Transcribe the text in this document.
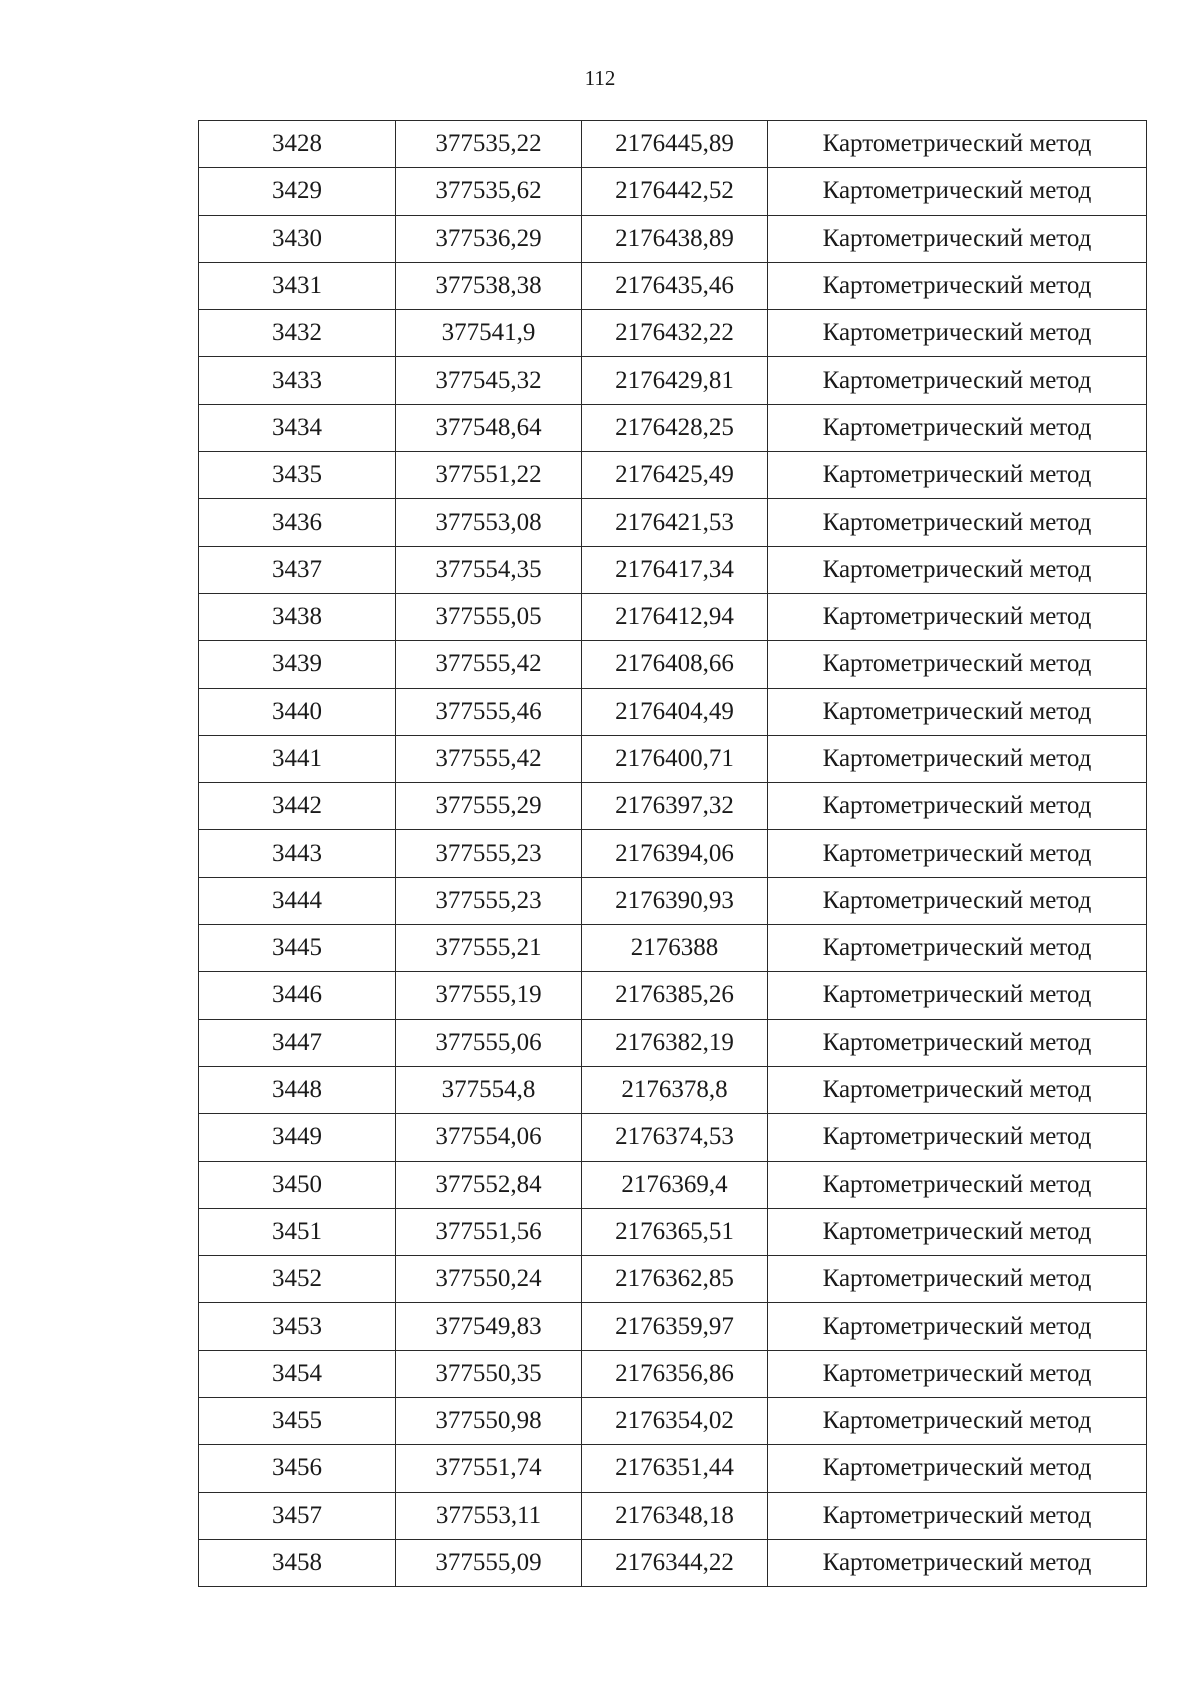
112
3428	377535,22	2176445,89	Картометрический метод
3429	377535,62	2176442,52	Картометрический метод
3430	377536,29	2176438,89	Картометрический метод
3431	377538,38	2176435,46	Картометрический метод
3432	377541,9	2176432,22	Картометрический метод
3433	377545,32	2176429,81	Картометрический метод
3434	377548,64	2176428,25	Картометрический метод
3435	377551,22	2176425,49	Картометрический метод
3436	377553,08	2176421,53	Картометрический метод
3437	377554,35	2176417,34	Картометрический метод
3438	377555,05	2176412,94	Картометрический метод
3439	377555,42	2176408,66	Картометрический метод
3440	377555,46	2176404,49	Картометрический метод
3441	377555,42	2176400,71	Картометрический метод
3442	377555,29	2176397,32	Картометрический метод
3443	377555,23	2176394,06	Картометрический метод
3444	377555,23	2176390,93	Картометрический метод
3445	377555,21	2176388	Картометрический метод
3446	377555,19	2176385,26	Картометрический метод
3447	377555,06	2176382,19	Картометрический метод
3448	377554,8	2176378,8	Картометрический метод
3449	377554,06	2176374,53	Картометрический метод
3450	377552,84	2176369,4	Картометрический метод
3451	377551,56	2176365,51	Картометрический метод
3452	377550,24	2176362,85	Картометрический метод
3453	377549,83	2176359,97	Картометрический метод
3454	377550,35	2176356,86	Картометрический метод
3455	377550,98	2176354,02	Картометрический метод
3456	377551,74	2176351,44	Картометрический метод
3457	377553,11	2176348,18	Картометрический метод
3458	377555,09	2176344,22	Картометрический метод
